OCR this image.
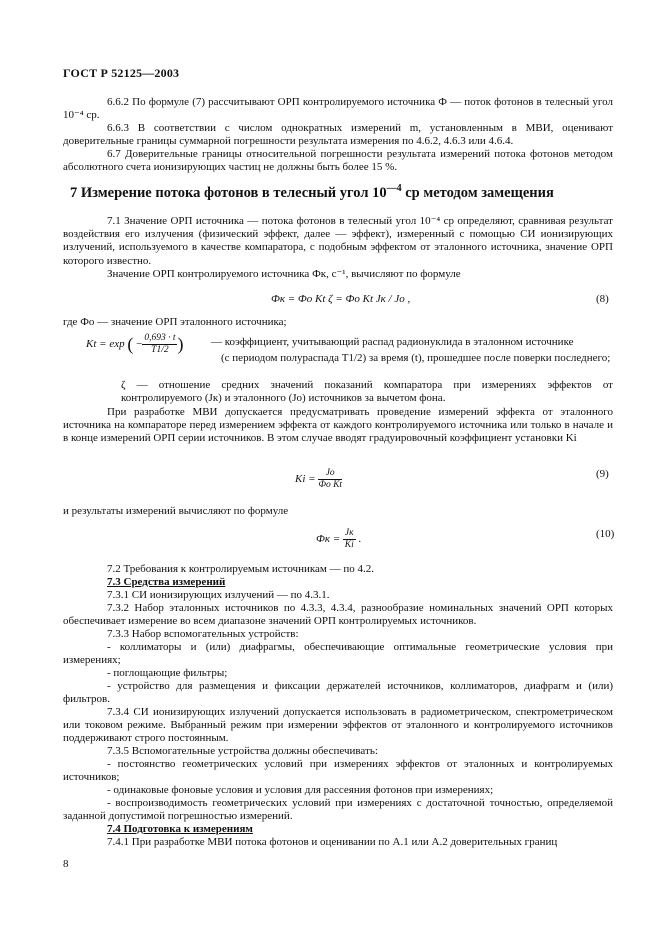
ГОСТ Р 52125—2003
6.6.2 По формуле (7) рассчитывают ОРП контролируемого источника Ф — поток фотонов в телесный угол 10⁻⁴ ср.
6.6.3 В соответствии с числом однократных измерений m, установленным в МВИ, оценивают доверительные границы суммарной погрешности результата измерения по 4.6.2, 4.6.3 или 4.6.4.
6.7 Доверительные границы относительной погрешности результата измерений потока фотонов методом абсолютного счета ионизирующих частиц не должны быть более 15 %.
7 Измерение потока фотонов в телесный угол $10^{—4}$ ср методом замещения
7.1 Значение ОРП источника — потока фотонов в телесный угол 10⁻⁴ ср определяют, сравнивая результат воздействия его излучения (физический эффект, далее — эффект), измеренный с помощью СИ ионизирующих излучений, используемого в качестве компаратора, с подобным эффектом от эталонного источника, значение ОРП которого известно.
Значение ОРП контролируемого источника Фк, с⁻¹, вычисляют по формуле
Фк = Фо Kt ζ = Фо Kt Jк / Jо ,	(8)
где Фо — значение ОРП эталонного источника;
Kt = exp ( − $\frac{0,693 \cdot t}{T1/2}$ )	— коэффициент, учитывающий распад радионуклида в эталонном источнике
(с периодом полураспада T1/2) за время (t), прошедшее после поверки последнего;
ζ — отношение средних значений показаний компаратора при измерениях эффектов от контролируемого (Jк) и эталонного (Jо) источников за вычетом фона.
При разработке МВИ допускается предусматривать проведение измерений эффекта от эталонного источника на компараторе перед измерением эффекта от каждого контролируемого источника или только в начале и в конце измерений ОРП серии источников. В этом случае вводят градуировочный коэффициент установки Ki
$Ki = \frac{Jо}{\text{Фо Kt}}$	(9)
и результаты измерений вычисляют по формуле
Фк = $\frac{Jк}{Ki}$ .	(10)
7.2 Требования к контролируемым источникам — по 4.2.
7.3 Средства измерений
7.3.1 СИ ионизирующих излучений — по 4.3.1.
7.3.2 Набор эталонных источников по 4.3.3, 4.3.4, разнообразие номинальных значений ОРП которых обеспечивает измерение во всем диапазоне значений ОРП контролируемых источников.
7.3.3 Набор вспомогательных устройств:
- коллиматоры и (или) диафрагмы, обеспечивающие оптимальные геометрические условия при измерениях;
- поглощающие фильтры;
- устройство для размещения и фиксации держателей источников, коллиматоров, диафрагм и (или) фильтров.
7.3.4 СИ ионизирующих излучений допускается использовать в радиометрическом, спектрометрическом или токовом режиме. Выбранный режим при измерении эффектов от эталонного и контролируемого источников поддерживают строго постоянным.
7.3.5 Вспомогательные устройства должны обеспечивать:
- постоянство геометрических условий при измерениях эффектов от эталонных и контролируемых источников;
- одинаковые фоновые условия и условия для рассеяния фотонов при измерениях;
- воспроизводимость геометрических условий при измерениях с достаточной точностью, определяемой заданной допустимой погрешностью измерений.
7.4 Подготовка к измерениям
7.4.1 При разработке МВИ потока фотонов и оценивании по А.1 или А.2 доверительных границ
8
